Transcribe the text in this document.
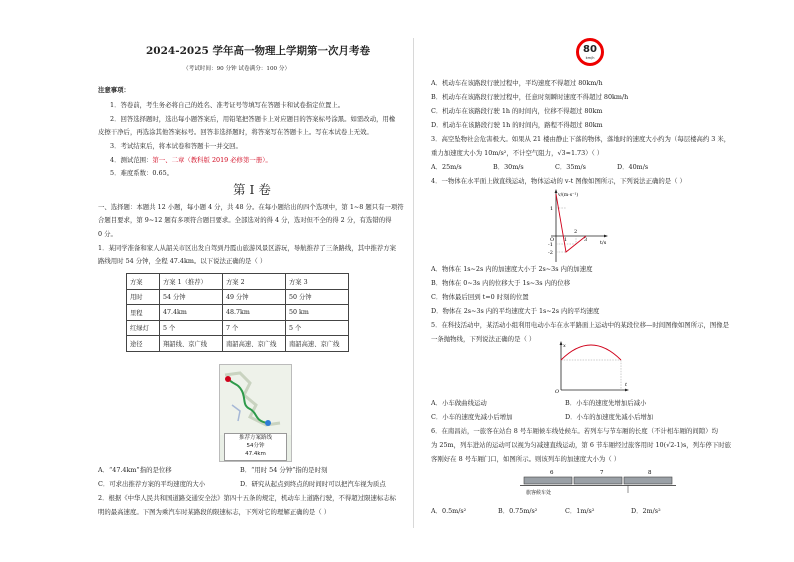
2024-2025 学年高一物理上学期第一次月考卷
（考试时间：90 分钟 试卷满分：100 分）
注意事项：
1．答卷前，考生务必将自己的姓名、准考证号等填写在答题卡和试卷指定位置上。
2．回答选择题时，选出每小题答案后，用铅笔把答题卡上对应题目的答案标号涂黑。如需改动，用橡
皮擦干净后，再选涂其他答案标号。回答非选择题时，将答案写在答题卡上。写在本试卷上无效。
3．考试结束后，将本试卷和答题卡一并交回。
4．测试范围：第一、二章（教科版 2019 必修第一册）。
5．难度系数：0.65。
第 I 卷
一、选择题：本题共 12 小题，每小题 4 分，共 48 分。在每小题给出的四个选项中，第 1~8 题只有一项符
合题目要求，第 9~12 题有多项符合题目要求。全部选对的得 4 分，选对但不全的得 2 分，有选错的得
0 分。
1．某同学准备和家人从韶关市区出发自驾到丹霞山旅游风景区游玩，导航推荐了三条路线，其中推荐方案
路线用时 54 分钟，全程 47.4km。以下说法正确的是（ ）
方案	方案 1（推荐）	方案 2	方案 3
用时	54 分钟	49 分钟	50 分钟
里程	47.4km	48.7km	50 km
红绿灯	5 个	7 个	5 个
途径	翔韶线、京广线	南韶高速、京广线	南韶高速、京广线
推荐方案路线
54分钟
47.4km
A．“47.4km”指的是位移	B．“用时 54 分钟”指的是时刻
C．可求出推荐方案的平均速度的大小	D．研究从起点到终点的时间时可以把汽车视为质点
2．根据《中华人民共和国道路交通安全法》第四十五条的规定，机动车上道路行驶，不得超过限速标志标
明的最高速度。下图为乘汽车时某路段的限速标志，下列对它的理解正确的是（ ）
80
km/h
A．机动车在该路段行驶过程中，平均速度不得超过 80km/h
B．机动车在该路段行驶过程中，任意时刻瞬时速度不得超过 80km/h
C．机动车在该路段行驶 1h 的时间内，位移不得超过 80km
D．机动车在该路段行驶 1h 的时间内，路程不得超过 80km
3．高空坠物社会危害极大。如果从 21 楼由静止下落的物体，落地时的速度大小约为（每层楼高约 3 米，
重力加速度大小为 10m/s²，不计空气阻力，√3≈1.73）（ ）
A．25m/s	B．30m/s	C．35m/s	D．40m/s
4．一物体在水平面上做直线运动，物体运动的 v-t 图像如图所示，下列说法正确的是（ ）
v/(m·s⁻¹)
O 1
2
3	t/s
1
-1
-2
A．物体在 1s~2s 内的加速度大小于 2s~3s 内的加速度
B．物体在 0~3s 内的位移大于 1s~3s 内的位移
C．物体最后回到 t=0 时刻的位置
D．物体在 2s~3s 内的平均速度大于 1s~2s 内的平均速度
5．在科技活动中，某活动小组利用电动小车在水平路面上运动中的某段位移—时间图像如图所示，图像是
一条抛物线，下列说法正确的是（ ）
x
O
t
A．小车做曲线运动	B．小车的速度先增加后减小
C．小车的速度先减小后增加	D．小车的加速度先减小后增加
6．在南昌站，一旅客在站台 8 号车厢候车线处候车。若列车与节车厢的长度（不计相车厢的间隙）均
为 25m，列车进站的运动可以视为匀减速直线运动，第 6 节车厢经过旅客用时 10(√2-1)s，列车停下时旅
客刚好在 8 号车厢门口，如图所示。则该列车的加速度大小为（ ）
6	7	8
旅客候车处
A．0.5m/s²	B．0.75m/s²	C．1m/s²	D．2m/s²
